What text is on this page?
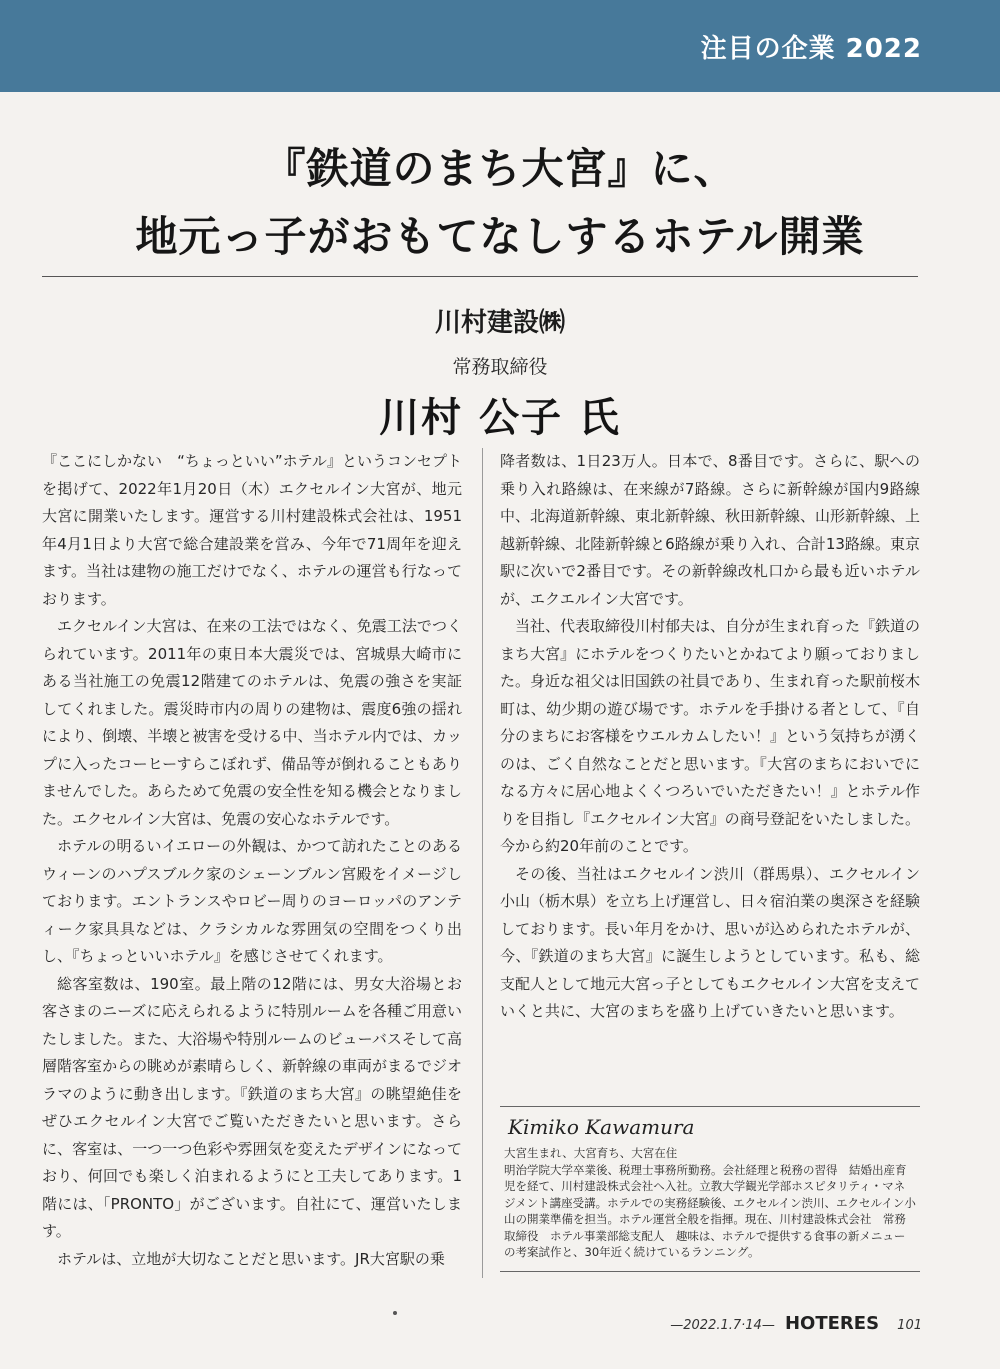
注目の企業 2022
『鉄道のまち大宮』に、
地元っ子がおもてなしするホテル開業
川村建設㈱
常務取締役
川村 公子 氏

『ここにしかない　“ちょっといい”ホテル』というコンセプトを掲げて、2022年1月20日（木）エクセルイン大宮が、地元大宮に開業いたします。運営する川村建設株式会社は、1951年4月1日より大宮で総合建設業を営み、今年で71周年を迎えます。当社は建物の施工だけでなく、ホテルの運営も行なっております。

エクセルイン大宮は、在来の工法ではなく、免震工法でつくられています。2011年の東日本大震災では、宮城県大崎市にある当社施工の免震12階建てのホテルは、免震の強さを実証してくれました。震災時市内の周りの建物は、震度6強の揺れにより、倒壊、半壊と被害を受ける中、当ホテル内では、カップに入ったコーヒーすらこぼれず、備品等が倒れることもありませんでした。あらためて免震の安全性を知る機会となりました。エクセルイン大宮は、免震の安心なホテルです。

ホテルの明るいイエローの外観は、かつて訪れたことのあるウィーンのハプスブルク家のシェーンブルン宮殿をイメージしております。エントランスやロビー周りのヨーロッパのアンティーク家具具などは、クラシカルな雰囲気の空間をつくり出し、『ちょっといいホテル』を感じさせてくれます。

総客室数は、190室。最上階の12階には、男女大浴場とお客さまのニーズに応えられるように特別ルームを各種ご用意いたしました。また、大浴場や特別ルームのビューバスそして高層階客室からの眺めが素晴らしく、新幹線の車両がまるでジオラマのように動き出します。『鉄道のまち大宮』の眺望絶佳をぜひエクセルイン大宮でご覧いただきたいと思います。さらに、客室は、一つ一つ色彩や雰囲気を変えたデザインになっており、何回でも楽しく泊まれるようにと工夫してあります。1階には、「PRONTO」がございます。自社にて、運営いたします。

ホテルは、立地が大切なことだと思います。JR大宮駅の乗

降者数は、1日23万人。日本で、8番目です。さらに、駅への乗り入れ路線は、在来線が7路線。さらに新幹線が国内9路線中、北海道新幹線、東北新幹線、秋田新幹線、山形新幹線、上越新幹線、北陸新幹線と6路線が乗り入れ、合計13路線。東京駅に次いで2番目です。その新幹線改札口から最も近いホテルが、エクエルイン大宮です。

当社、代表取締役川村郁夫は、自分が生まれ育った『鉄道のまち大宮』にホテルをつくりたいとかねてより願っておりました。身近な祖父は旧国鉄の社員であり、生まれ育った駅前桜木町は、幼少期の遊び場です。ホテルを手掛ける者として、『自分のまちにお客様をウエルカムしたい！』という気持ちが湧くのは、ごく自然なことだと思います。『大宮のまちにおいでになる方々に居心地よくくつろいでいただきたい！』とホテル作りを目指し『エクセルイン大宮』の商号登記をいたしました。今から約20年前のことです。

その後、当社はエクセルイン渋川（群馬県）、エクセルイン小山（栃木県）を立ち上げ運営し、日々宿泊業の奥深さを経験しております。長い年月をかけ、思いが込められたホテルが、今、『鉄道のまち大宮』に誕生しようとしています。私も、総支配人として地元大宮っ子としてもエクセルイン大宮を支えていくと共に、大宮のまちを盛り上げていきたいと思います。

Kimiko Kawamura
大宮生まれ、大宮育ち、大宮在住
明治学院大学卒業後、税理士事務所勤務。会社経理と税務の習得　結婚出産育児を経て、川村建設株式会社へ入社。立教大学観光学部ホスピタリティ・マネジメント講座受講。ホテルでの実務経験後、エクセルイン渋川、エクセルイン小山の開業準備を担当。ホテル運営全般を指揮。現在、川村建設株式会社　常務取締役　ホテル事業部総支配人　趣味は、ホテルで提供する食事の新メニューの考案試作と、30年近く続けているランニング。
—2022.1.7·14— HOTERES 101
